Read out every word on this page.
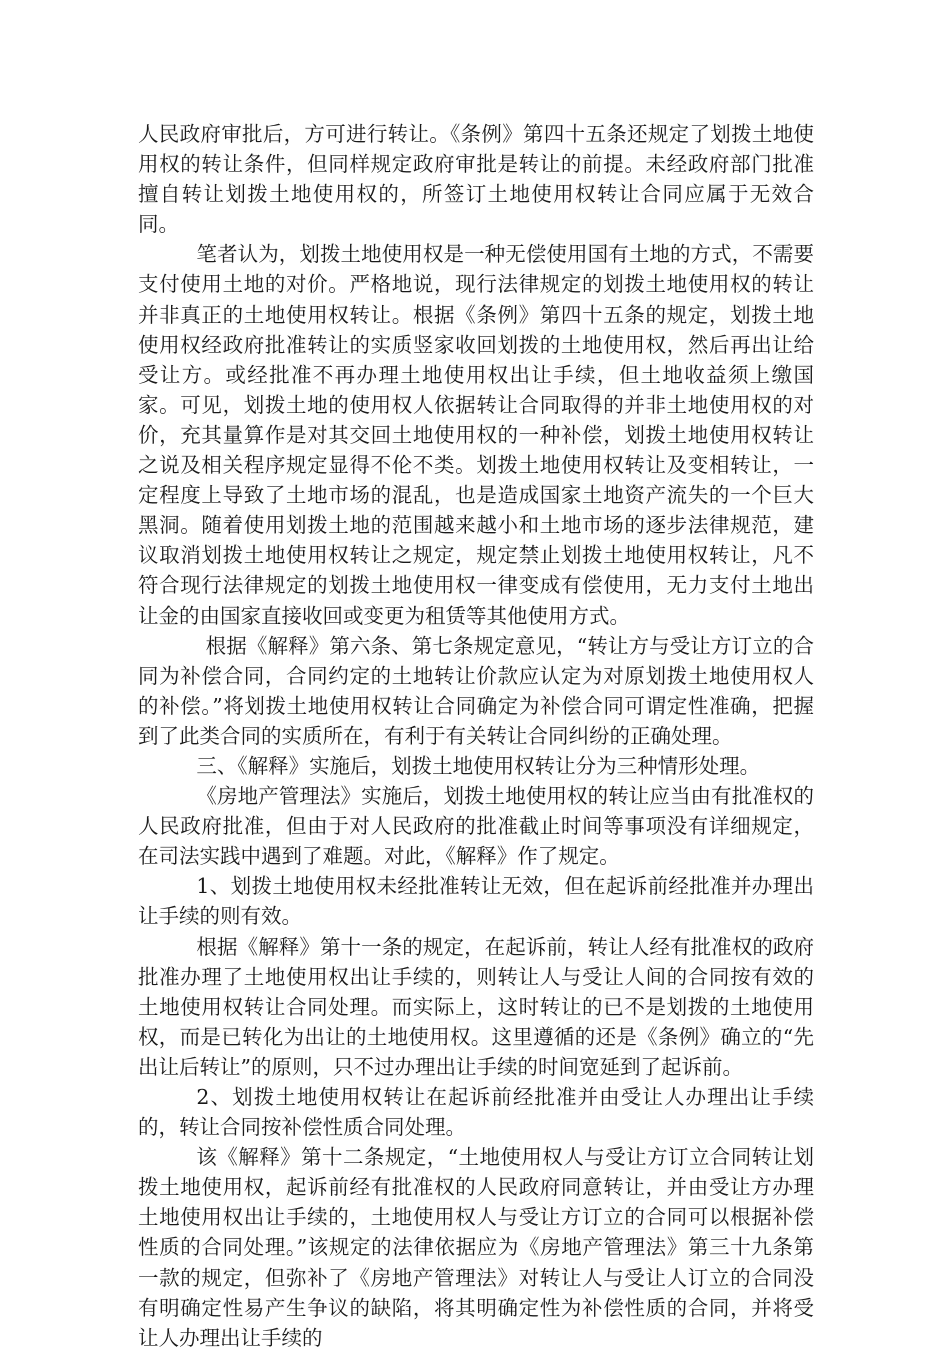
人民政府审批后，方可进行转让。《条例》第四十五条还规定了划拨土地使用权的转让条件，但同样规定政府审批是转让的前提。未经政府部门批准擅自转让划拨土地使用权的，所签订土地使用权转让合同应属于无效合同。

笔者认为，划拨土地使用权是一种无偿使用国有土地的方式，不需要支付使用土地的对价。严格地说，现行法律规定的划拨土地使用权的转让并非真正的土地使用权转让。根据《条例》第四十五条的规定，划拨土地使用权经政府批准转让的实质竖家收回划拨的土地使用权，然后再出让给受让方。或经批准不再办理土地使用权出让手续，但土地收益须上缴国家。可见，划拨土地的使用权人依据转让合同取得的并非土地使用权的对价，充其量算作是对其交回土地使用权的一种补偿，划拨土地使用权转让之说及相关程序规定显得不伦不类。划拨土地使用权转让及变相转让，一定程度上导致了土地市场的混乱，也是造成国家土地资产流失的一个巨大黑洞。随着使用划拨土地的范围越来越小和土地市场的逐步法律规范，建议取消划拨土地使用权转让之规定，规定禁止划拨土地使用权转让，凡不符合现行法律规定的划拨土地使用权一律变成有偿使用，无力支付土地出让金的由国家直接收回或变更为租赁等其他使用方式。

根据《解释》第六条、第七条规定意见，“转让方与受让方订立的合同为补偿合同，合同约定的土地转让价款应认定为对原划拨土地使用权人的补偿。”将划拨土地使用权转让合同确定为补偿合同可谓定性准确，把握到了此类合同的实质所在，有利于有关转让合同纠纷的正确处理。

三、《解释》实施后，划拨土地使用权转让分为三种情形处理。

《房地产管理法》实施后，划拨土地使用权的转让应当由有批准权的人民政府批准，但由于对人民政府的批准截止时间等事项没有详细规定，在司法实践中遇到了难题。对此，《解释》作了规定。

1、划拨土地使用权未经批准转让无效，但在起诉前经批准并办理出让手续的则有效。

根据《解释》第十一条的规定，在起诉前，转让人经有批准权的政府批准办理了土地使用权出让手续的，则转让人与受让人间的合同按有效的土地使用权转让合同处理。而实际上，这时转让的已不是划拨的土地使用权，而是已转化为出让的土地使用权。这里遵循的还是《条例》确立的“先出让后转让”的原则，只不过办理出让手续的时间宽延到了起诉前。

2、划拨土地使用权转让在起诉前经批准并由受让人办理出让手续的，转让合同按补偿性质合同处理。

该《解释》第十二条规定，“土地使用权人与受让方订立合同转让划拨土地使用权，起诉前经有批准权的人民政府同意转让，并由受让方办理土地使用权出让手续的，土地使用权人与受让方订立的合同可以根据补偿性质的合同处理。”该规定的法律依据应为《房地产管理法》第三十九条第一款的规定，但弥补了《房地产管理法》对转让人与受让人订立的合同没有明确定性易产生争议的缺陷，将其明确定性为补偿性质的合同，并将受让人办理出让手续的
